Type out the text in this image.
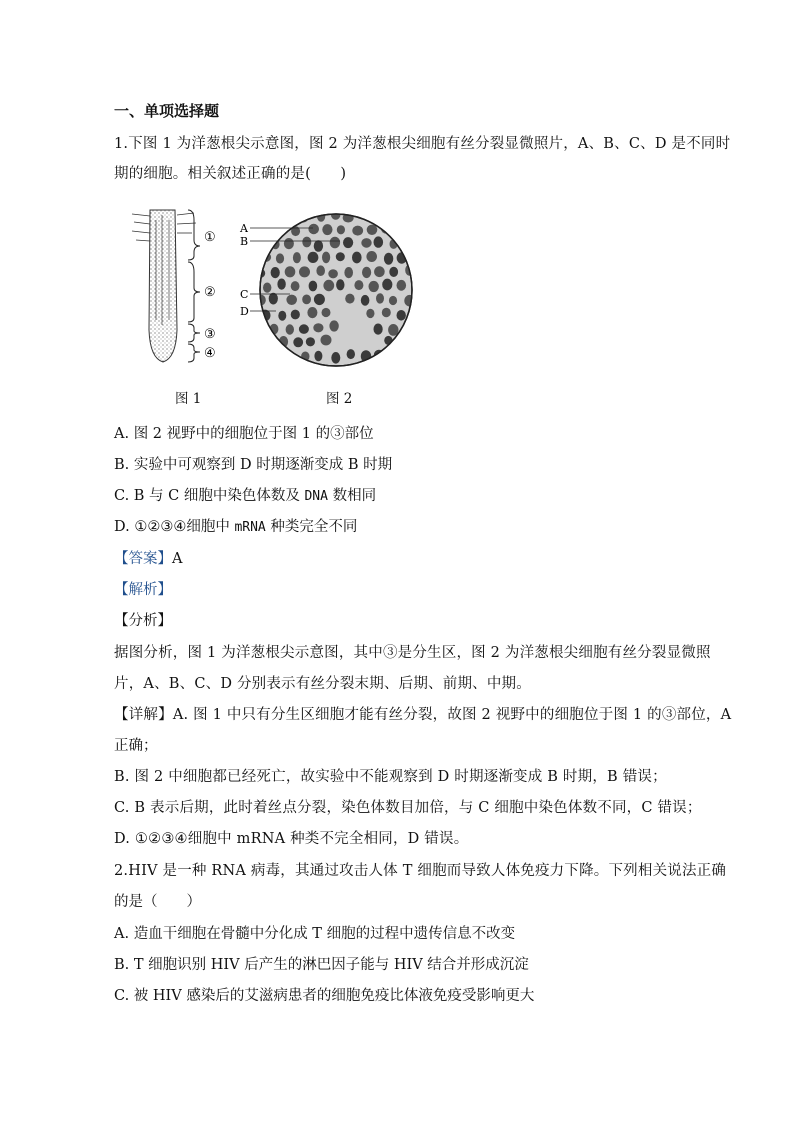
一、单项选择题
1.下图 1 为洋葱根尖示意图，图 2 为洋葱根尖细胞有丝分裂显微照片，A、B、C、D 是不同时
期的细胞。相关叙述正确的是(　　)
①
②
③
④
A
B
C
D
图 1	图 2
A. 图 2 视野中的细胞位于图 1 的③部位
B. 实验中可观察到 D 时期逐渐变成 B 时期
C. B 与 C 细胞中染色体数及 DNA 数相同
D. ①②③④细胞中 mRNA 种类完全不同
【答案】A
【解析】
【分析】
据图分析，图 1 为洋葱根尖示意图，其中③是分生区，图 2 为洋葱根尖细胞有丝分裂显微照
片，A、B、C、D 分别表示有丝分裂末期、后期、前期、中期。
【详解】A. 图 1 中只有分生区细胞才能有丝分裂，故图 2 视野中的细胞位于图 1 的③部位，A
正确；
B. 图 2 中细胞都已经死亡，故实验中不能观察到 D 时期逐渐变成 B 时期，B 错误；
C. B 表示后期，此时着丝点分裂，染色体数目加倍，与 C 细胞中染色体数不同，C 错误；
D. ①②③④细胞中 mRNA 种类不完全相同，D 错误。
2.HIV 是一种 RNA 病毒，其通过攻击人体 T 细胞而导致人体免疫力下降。下列相关说法正确
的是（　　）
A. 造血干细胞在骨髓中分化成 T 细胞的过程中遗传信息不改变
B. T 细胞识别 HIV 后产生的淋巴因子能与 HIV 结合并形成沉淀
C. 被 HIV 感染后的艾滋病患者的细胞免疫比体液免疫受影响更大
